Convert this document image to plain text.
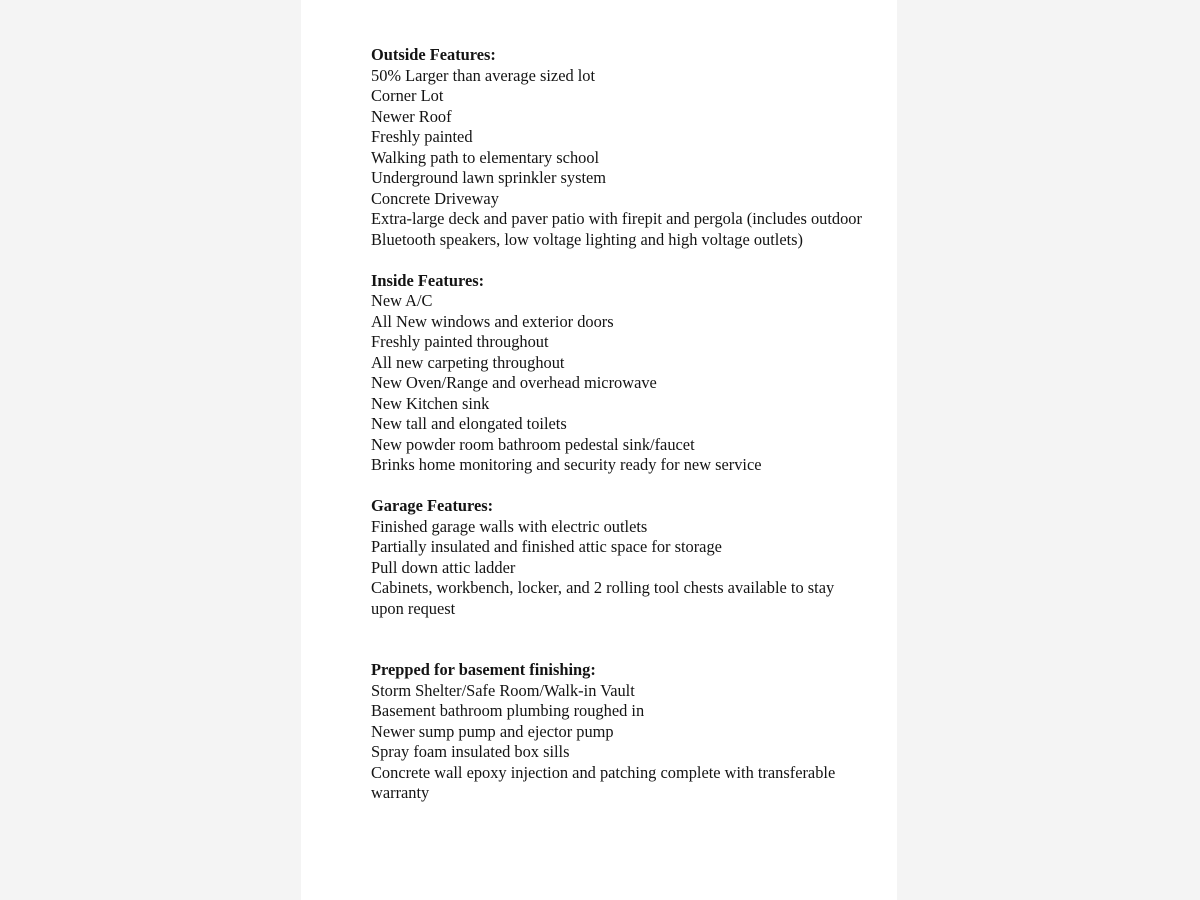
Outside Features:
50% Larger than average sized lot
Corner Lot
Newer Roof
Freshly painted
Walking path to elementary school
Underground lawn sprinkler system
Concrete Driveway
Extra-large deck and paver patio with firepit and pergola (includes outdoor Bluetooth speakers, low voltage lighting and high voltage outlets)
Inside Features:
New A/C
All New windows and exterior doors
Freshly painted throughout
All new carpeting throughout
New Oven/Range and overhead microwave
New Kitchen sink
New tall and elongated toilets
New powder room bathroom pedestal sink/faucet
Brinks home monitoring and security ready for new service
Garage Features:
Finished garage walls with electric outlets
Partially insulated and finished attic space for storage
Pull down attic ladder
Cabinets, workbench, locker, and 2 rolling tool chests available to stay upon request
Prepped for basement finishing:
Storm Shelter/Safe Room/Walk-in Vault
Basement bathroom plumbing roughed in
Newer sump pump and ejector pump
Spray foam insulated box sills
Concrete wall epoxy injection and patching complete with transferable warranty
